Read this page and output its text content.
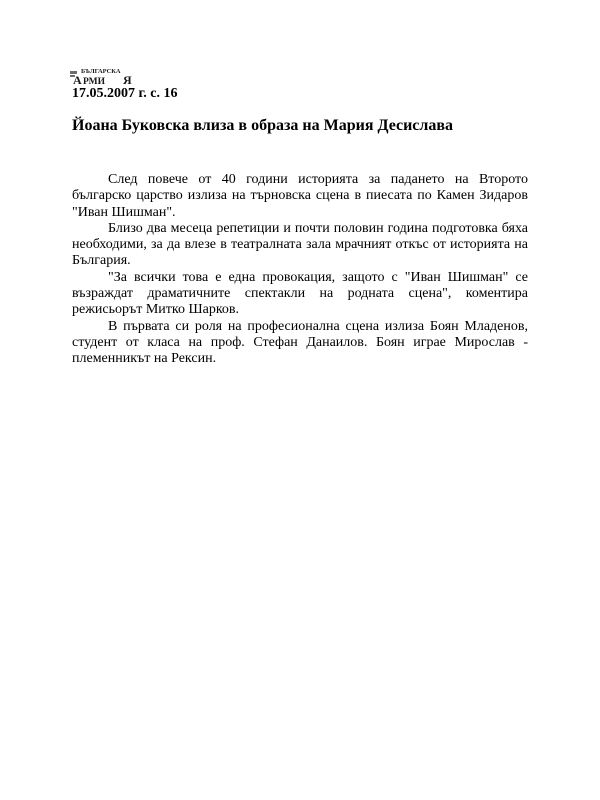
БЪЛГАРСКА
А РМИ Я
17.05.2007 г. с. 16
Йоана Буковска влиза в образа на Мария Десислава

След повече от 40 години историята за падането на Второто българско царство излиза на търновска сцена в пиесата по Камен Зидаров "Иван Шишман".

Близо два месеца репетиции и почти половин година подготовка бяха необходими, за да влезе в театралната зала мрачният откъс от историята на България.

"За всички това е една провокация, защото с "Иван Шишман" се възраждат драматичните спектакли на родната сцена", коментира режисьорът Митко Шарков.

В първата си роля на професионална сцена излиза Боян Младенов, студент от класа на проф. Стефан Данаилов. Боян играе Мирослав - племенникът на Рексин.
